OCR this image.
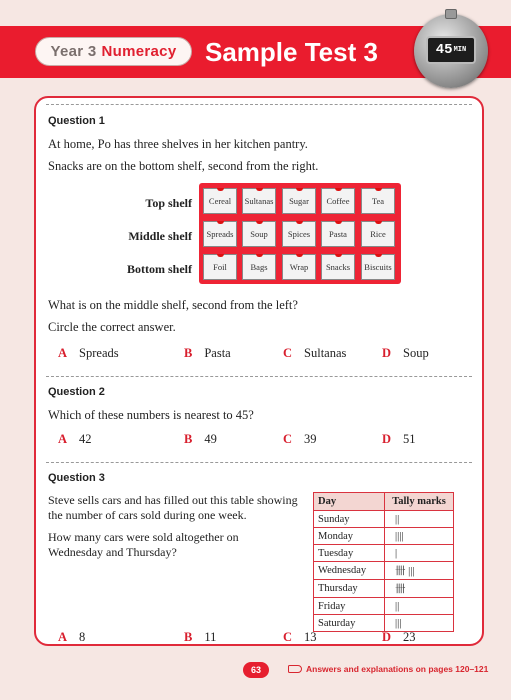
Year 3 Numeracy Sample Test 3	45 MIN
Question 1
At home, Po has three shelves in her kitchen pantry.
Snacks are on the bottom shelf, second from the right.
Top shelf
Middle shelf
Bottom shelf
Cereal	Sultanas	Sugar	Coffee	Tea
Spreads	Soup	Spices	Pasta	Rice
Foil	Bags	Wrap	Snacks	Biscuits
What is on the middle shelf, second from the left?
Circle the correct answer.
A Spreads	B Pasta	C Sultanas	D Soup
Question 2
Which of these numbers is nearest to 45?
A 42	B 49	C 39	D 51
Question 3
Steve sells cars and has filled out this table showing
the number of cars sold during one week.
How many cars were sold altogether on
Wednesday and Thursday?
Day	Tally marks
Sunday	||
Monday	||||
Tuesday	|
Wednesday	卌 |||
Thursday	卌
Friday	||
Saturday	|||
A 8	B 11	C 13	D 23
63	Answers and explanations on pages 120–121
